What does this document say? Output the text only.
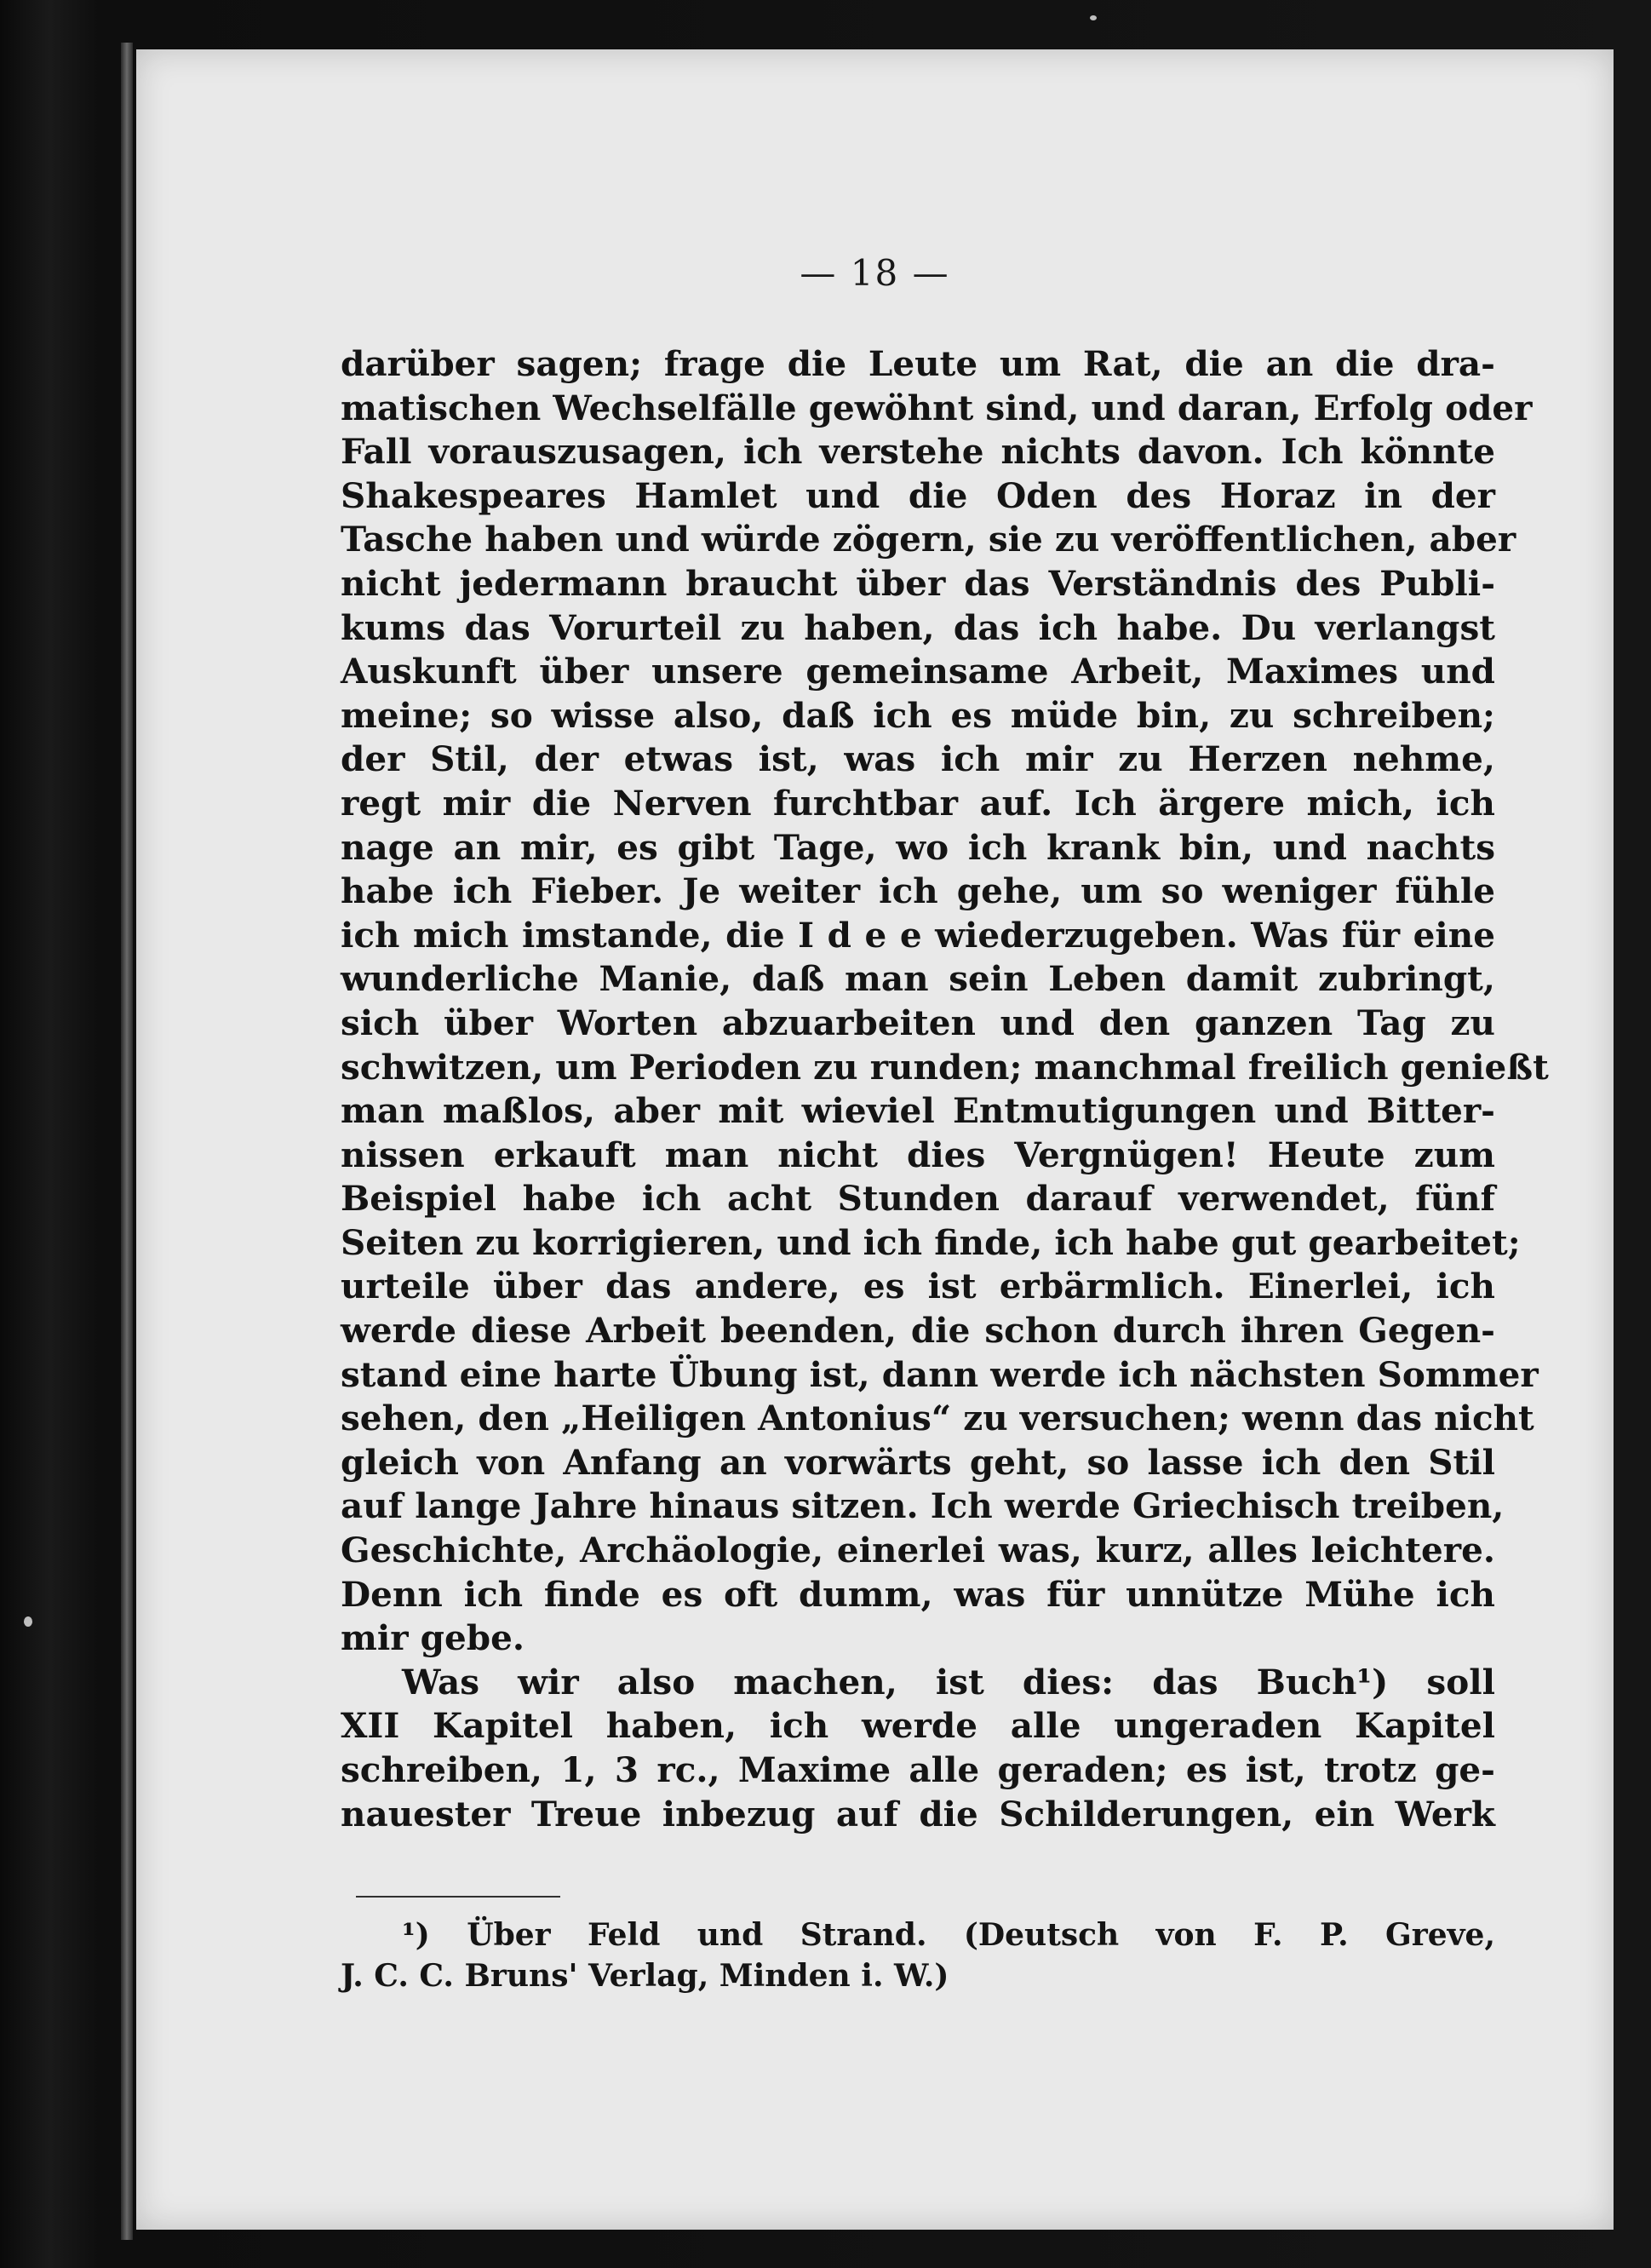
— 18 —
darüber sagen; frage die Leute um Rat, die an die dra-
matischen Wechselfälle gewöhnt sind, und daran, Erfolg oder
Fall vorauszusagen, ich verstehe nichts davon. Ich könnte
Shakespeares Hamlet und die Oden des Horaz in der
Tasche haben und würde zögern, sie zu veröffentlichen, aber
nicht jedermann braucht über das Verständnis des Publi-
kums das Vorurteil zu haben, das ich habe. Du verlangst
Auskunft über unsere gemeinsame Arbeit, Maximes und
meine; so wisse also, daß ich es müde bin, zu schreiben;
der Stil, der etwas ist, was ich mir zu Herzen nehme,
regt mir die Nerven furchtbar auf. Ich ärgere mich, ich
nage an mir, es gibt Tage, wo ich krank bin, und nachts
habe ich Fieber. Je weiter ich gehe, um so weniger fühle
ich mich imstande, die I d e e wiederzugeben. Was für eine
wunderliche Manie, daß man sein Leben damit zubringt,
sich über Worten abzuarbeiten und den ganzen Tag zu
schwitzen, um Perioden zu runden; manchmal freilich genießt
man maßlos, aber mit wieviel Entmutigungen und Bitter-
nissen erkauft man nicht dies Vergnügen! Heute zum
Beispiel habe ich acht Stunden darauf verwendet, fünf
Seiten zu korrigieren, und ich finde, ich habe gut gearbeitet;
urteile über das andere, es ist erbärmlich. Einerlei, ich
werde diese Arbeit beenden, die schon durch ihren Gegen-
stand eine harte Übung ist, dann werde ich nächsten Sommer
sehen, den „Heiligen Antonius“ zu versuchen; wenn das nicht
gleich von Anfang an vorwärts geht, so lasse ich den Stil
auf lange Jahre hinaus sitzen. Ich werde Griechisch treiben,
Geschichte, Archäologie, einerlei was, kurz, alles leichtere.
Denn ich finde es oft dumm, was für unnütze Mühe ich
mir gebe.
Was wir also machen, ist dies: das Buch¹) soll
XII Kapitel haben, ich werde alle ungeraden Kapitel
schreiben, 1, 3 rc., Maxime alle geraden; es ist, trotz ge-
nauester Treue inbezug auf die Schilderungen, ein Werk
¹) Über Feld und Strand. (Deutsch von F. P. Greve,
J. C. C. Bruns' Verlag, Minden i. W.)
